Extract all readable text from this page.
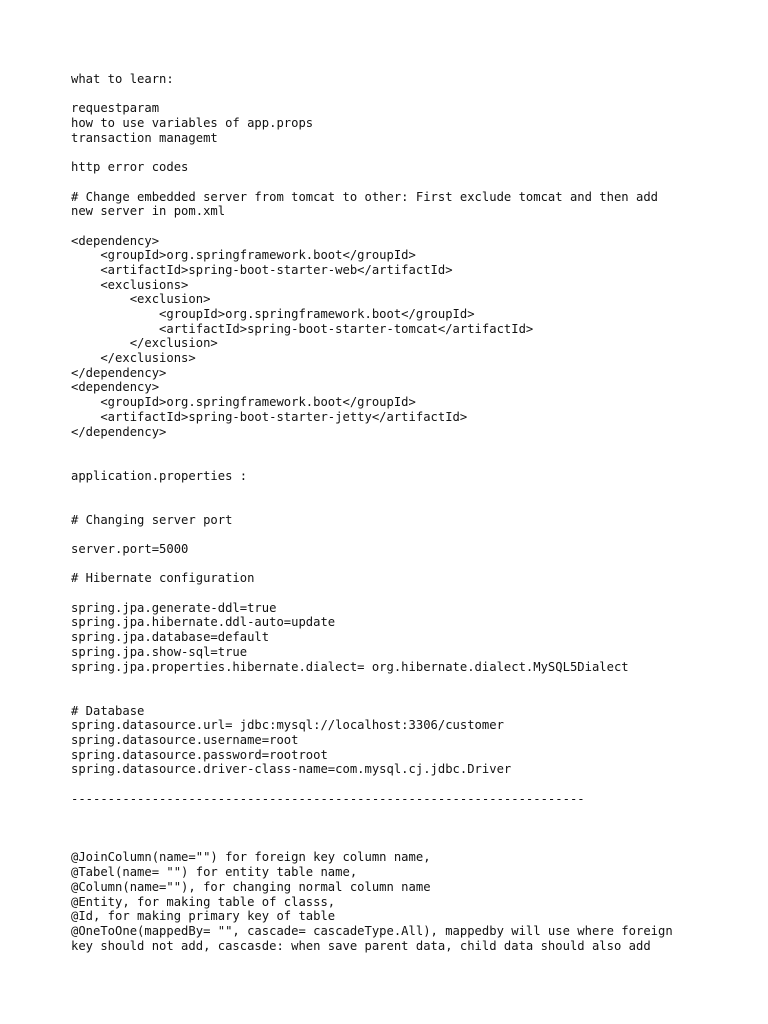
what to learn:
requestparam
how to use variables of app.props
transaction managemt
http error codes
# Change embedded server from tomcat to other: First exclude tomcat and then add
new server in pom.xml
<dependency>
<groupId>org.springframework.boot</groupId>
<artifactId>spring-boot-starter-web</artifactId>
<exclusions>
<exclusion>
<groupId>org.springframework.boot</groupId>
<artifactId>spring-boot-starter-tomcat</artifactId>
</exclusion>
</exclusions>
</dependency>
<dependency>
<groupId>org.springframework.boot</groupId>
<artifactId>spring-boot-starter-jetty</artifactId>
</dependency>
application.properties :
# Changing server port
server.port=5000
# Hibernate configuration
spring.jpa.generate-ddl=true
spring.jpa.hibernate.ddl-auto=update
spring.jpa.database=default
spring.jpa.show-sql=true
spring.jpa.properties.hibernate.dialect= org.hibernate.dialect.MySQL5Dialect
# Database
spring.datasource.url= jdbc:mysql://localhost:3306/customer
spring.datasource.username=root
spring.datasource.password=rootroot
spring.datasource.driver-class-name=com.mysql.cj.jdbc.Driver
----------------------------------------------------------------------
@JoinColumn(name="") for foreign key column name,
@Tabel(name= "") for entity table name,
@Column(name=""), for changing normal column name
@Entity, for making table of classs,
@Id, for making primary key of table
@OneToOne(mappedBy= "", cascade= cascadeType.All), mappedby will use where foreign
key should not add, cascasde: when save parent data, child data should also add
